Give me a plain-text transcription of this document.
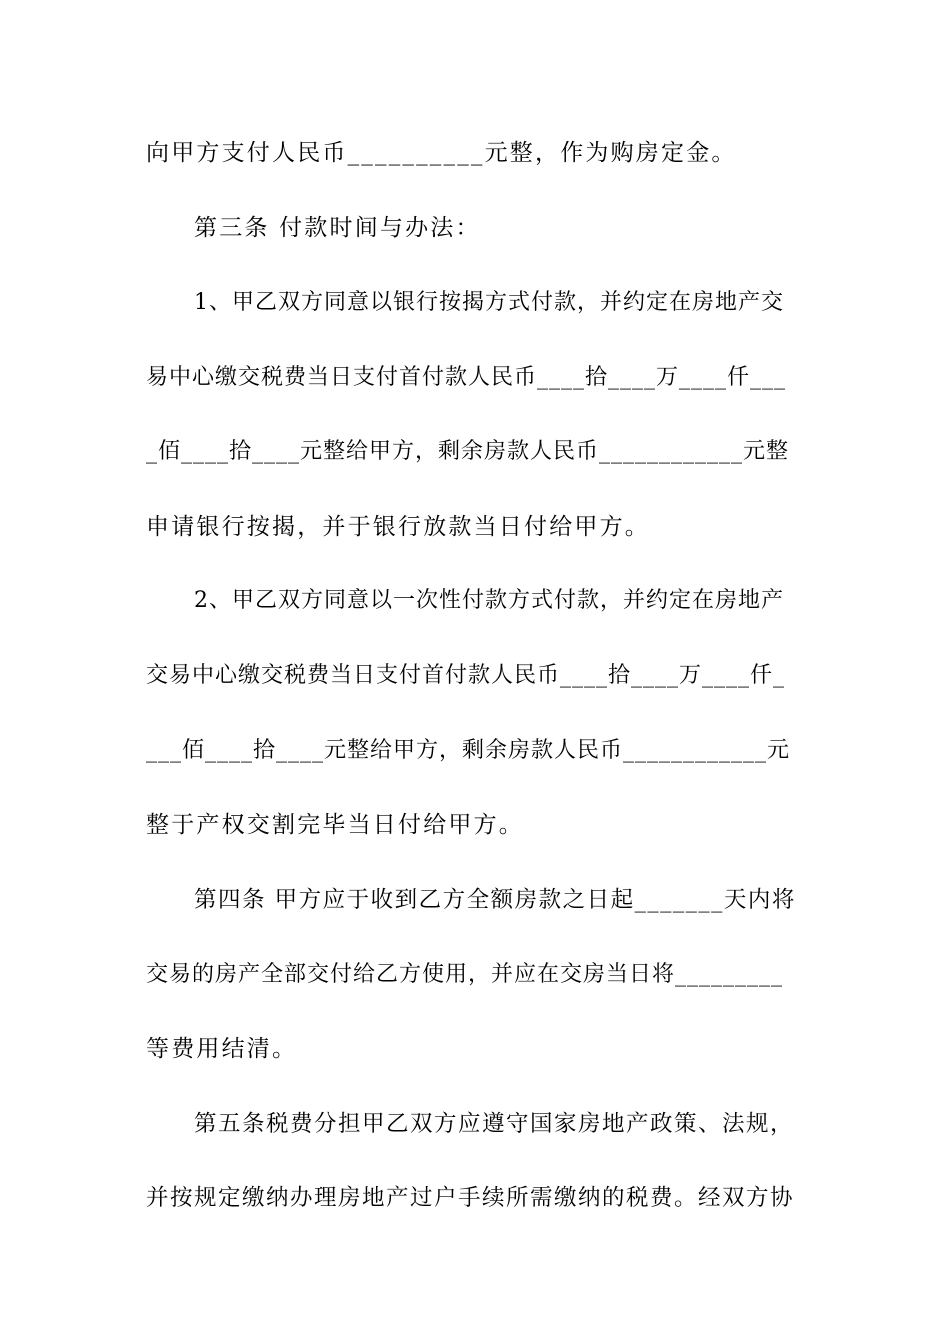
向甲方支付人民币__________元整，作为购房定金。
第三条 付款时间与办法：
1、甲乙双方同意以银行按揭方式付款，并约定在房地产交
易中心缴交税费当日支付首付款人民币____拾____万____仟___
_佰____拾____元整给甲方，剩余房款人民币____________元整
申请银行按揭，并于银行放款当日付给甲方。
2、甲乙双方同意以一次性付款方式付款，并约定在房地产
交易中心缴交税费当日支付首付款人民币____拾____万____仟_
___佰____拾____元整给甲方，剩余房款人民币____________元
整于产权交割完毕当日付给甲方。
第四条 甲方应于收到乙方全额房款之日起_______天内将
交易的房产全部交付给乙方使用，并应在交房当日将_________
等费用结清。
第五条税费分担甲乙双方应遵守国家房地产政策、法规，
并按规定缴纳办理房地产过户手续所需缴纳的税费。经双方协
